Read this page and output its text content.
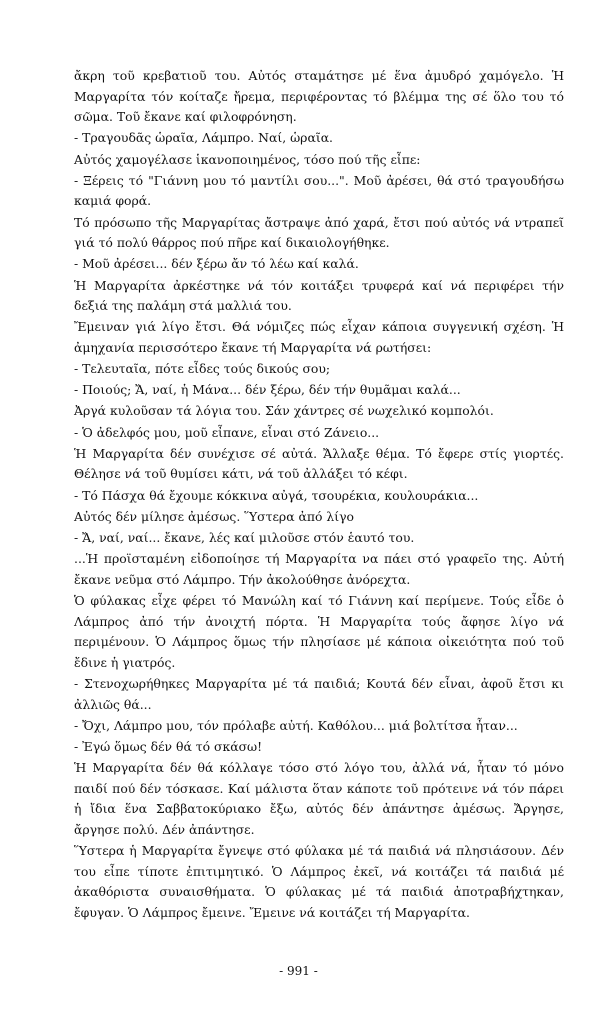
ἄκρη τοῦ κρεβατιοῦ του. Αὐτός σταμάτησε μέ ἕνα ἀμυδρό χαμόγελο. Ἡ Μαργαρίτα τόν κοίταζε ἤρεμα, περιφέροντας τό βλέμμα της σέ ὅλο του τό σῶμα. Τοῦ ἔκανε καί φιλοφρόνηση.

- Τραγουδᾶς ὡραῖα, Λάμπρο. Ναί, ὡραῖα.

Αὐτός χαμογέλασε ἱκανοποιημένος, τόσο πού τῆς εἶπε:

- Ξέρεις τό "Γιάννη μου τό μαντίλι σου...". Μοῦ ἀρέσει, θά στό τραγουδήσω καμιά φορά.

Τό πρόσωπο τῆς Μαργαρίτας ἄστραψε ἀπό χαρά, ἔτσι πού αὐτός νά ντραπεῖ γιά τό πολύ θάρρος πού πῆρε καί δικαιολογήθηκε.

- Μοῦ ἀρέσει... δέν ξέρω ἄν τό λέω καί καλά.

Ἡ Μαργαρίτα ἀρκέστηκε νά τόν κοιτάξει τρυφερά καί νά περιφέρει τήν δεξιά της παλάμη στά μαλλιά του.

Ἔμειναν γιά λίγο ἔτσι. Θά νόμιζες πώς εἶχαν κάποια συγγενική σχέση. Ἡ ἀμηχανία περισσότερο ἔκανε τή Μαργαρίτα νά ρωτήσει:

- Τελευταῖα, πότε εἶδες τούς δικούς σου;

- Ποιούς; Ἄ, ναί, ἡ Μάνα... δέν ξέρω, δέν τήν θυμᾶμαι καλά...

Ἀργά κυλοῦσαν τά λόγια του. Σάν χάντρες σέ νωχελικό κομπολόι.

- Ὁ ἀδελφός μου, μοῦ εἶπανε, εἶναι στό Ζάνειο...

Ἡ Μαργαρίτα δέν συνέχισε σέ αὐτά. Ἄλλαξε θέμα. Τό ἔφερε στίς γιορτές. Θέλησε νά τοῦ θυμίσει κάτι, νά τοῦ ἀλλάξει τό κέφι.

- Τό Πάσχα θά ἔχουμε κόκκινα αὐγά, τσουρέκια, κουλουράκια...

Αὐτός δέν μίλησε ἀμέσως. Ὕστερα ἀπό λίγο

- Ἄ, ναί, ναί... ἔκανε, λές καί μιλοῦσε στόν ἑαυτό του.

...Ἡ προϊσταμένη εἰδοποίησε τή Μαργαρίτα να πάει στό γραφεῖο της. Αὐτή ἔκανε νεῦμα στό Λάμπρο. Τήν ἀκολούθησε ἀνόρεχτα.

Ὁ φύλακας εἶχε φέρει τό Μανώλη καί τό Γιάννη καί περίμενε. Τούς εἶδε ὁ Λάμπρος ἀπό τήν ἀνοιχτή πόρτα. Ἡ Μαργαρίτα τούς ἄφησε λίγο νά περιμένουν. Ὁ Λάμπρος ὅμως τήν πλησίασε μέ κάποια οἰκειότητα πού τοῦ ἔδινε ἡ γιατρός.

- Στενοχωρήθηκες Μαργαρίτα μέ τά παιδιά; Κουτά δέν εἶναι, ἀφοῦ ἔτσι κι ἀλλιῶς θά...

- Ὄχι, Λάμπρο μου, τόν πρόλαβε αὐτή. Καθόλου... μιά βολτίτσα ἦταν...

- Ἐγώ ὅμως δέν θά τό σκάσω!

Ἡ Μαργαρίτα δέν θά κόλλαγε τόσο στό λόγο του, ἀλλά νά, ἦταν τό μόνο παιδί πού δέν τόσκασε. Καί μάλιστα ὅταν κάποτε τοῦ πρότεινε νά τόν πάρει ἡ ἴδια ἕνα Σαββατοκύριακο ἔξω, αὐτός δέν ἀπάντησε ἀμέσως. Ἄργησε, ἄργησε πολύ. Δέν ἀπάντησε.

Ὕστερα ἡ Μαργαρίτα ἔγνεψε στό φύλακα μέ τά παιδιά νά πλησιάσουν. Δέν του εἶπε τίποτε ἐπιτιμητικό. Ὁ Λάμπρος ἐκεῖ, νά κοιτάζει τά παιδιά μέ ἀκαθόριστα συναισθήματα. Ὁ φύλακας μέ τά παιδιά ἀποτραβήχτηκαν, ἔφυγαν. Ὁ Λάμπρος ἔμεινε. Ἔμεινε νά κοιτάζει τή Μαργαρίτα.

- 991 -
